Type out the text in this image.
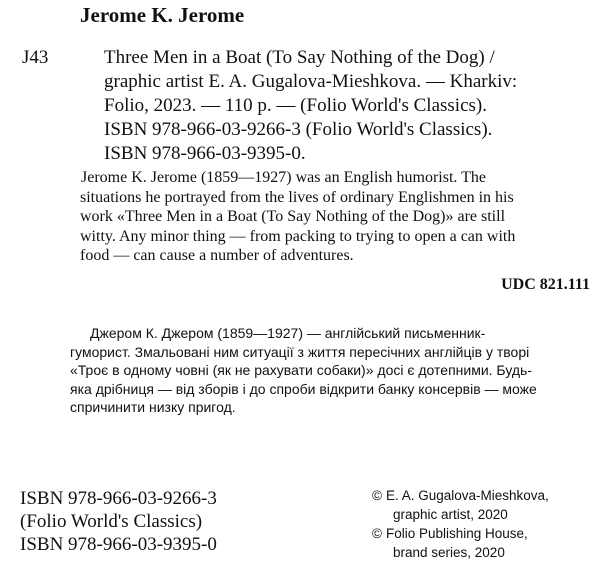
Jerome K. Jerome
J43	Three Men in a Boat (To Say Nothing of the Dog) /
graphic artist E. A. Gugalova-Mieshkova. — Kharkiv:
Folio, 2023. — 110 p. — (Folio World's Classics).
ISBN 978-966-03-9266-3 (Folio World's Classics).
ISBN 978-966-03-9395-0.
Jerome K. Jerome (1859—1927) was an English humorist. The
situations he portrayed from the lives of ordinary Englishmen in his
work «Three Men in a Boat (To Say Nothing of the Dog)» are still
witty. Any minor thing — from packing to trying to open a can with
food — can cause a number of adventures.
UDC 821.111
Джером К. Джером (1859—1927) — англійський письменник-
гуморист. Змальовані ним ситуації з життя пересічних англійців у творі
«Троє в одному човні (як не рахувати собаки)» досі є дотепними. Будь-
яка дрібниця — від зборів і до спроби відкрити банку консервів — може
спричинити низку пригод.
ISBN 978-966-03-9266-3
(Folio World's Classics)
ISBN 978-966-03-9395-0
© E. A. Gugalova-Mieshkova,
graphic artist, 2020
© Folio Publishing House,
brand series, 2020
